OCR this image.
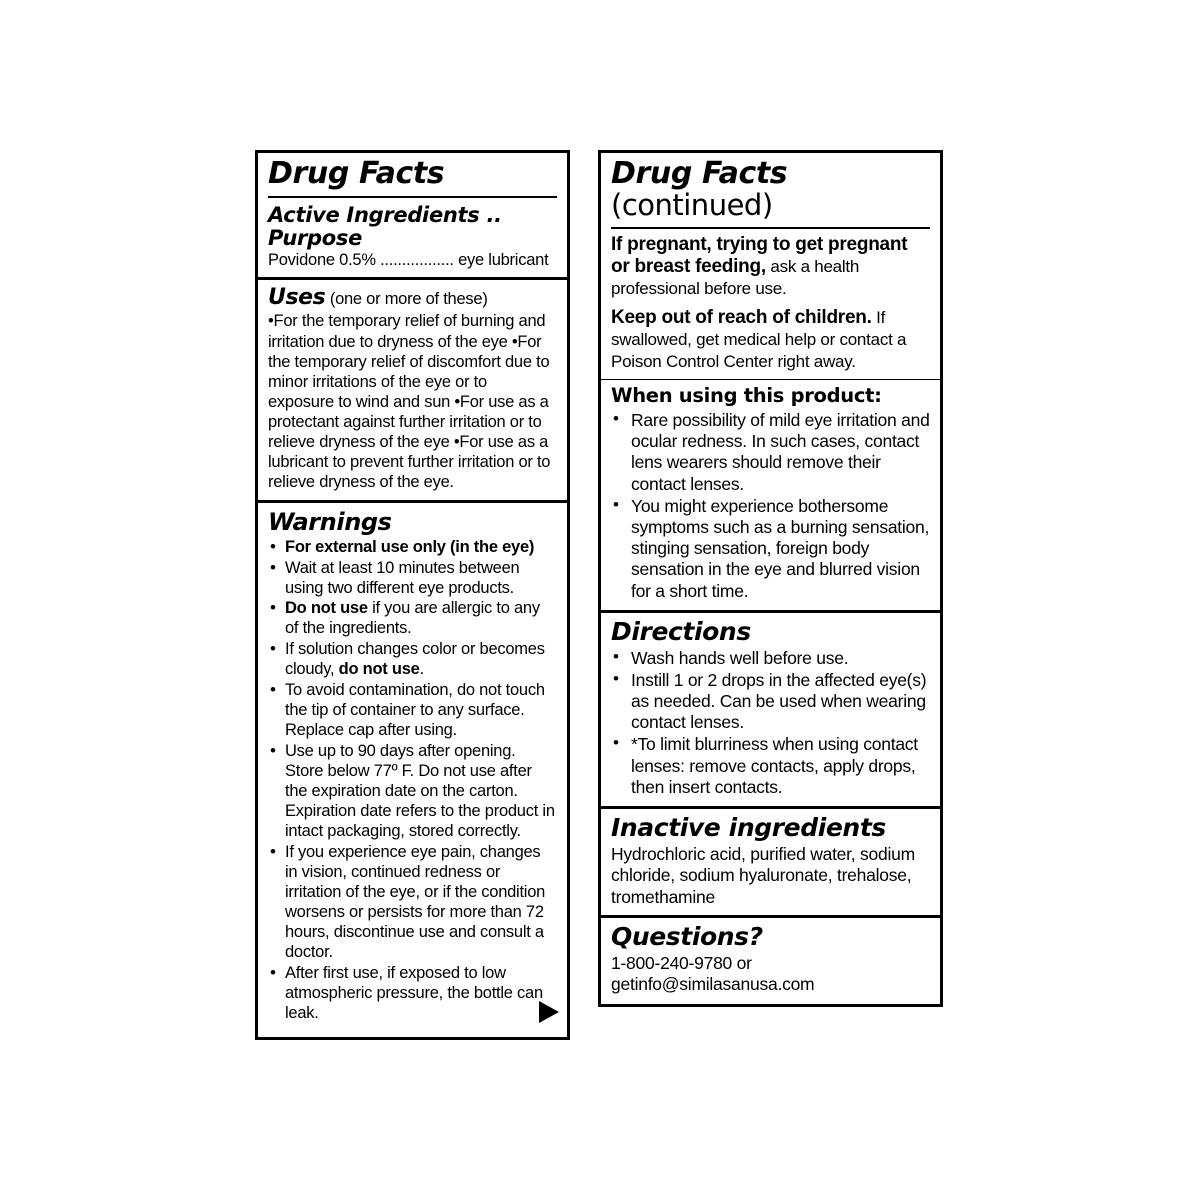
Drug Facts
Active Ingredients .. Purpose
Povidone 0.5% ................. eye lubricant
Uses (one or more of these)
•For the temporary relief of burning and irritation due to dryness of the eye •For the temporary relief of discomfort due to minor irritations of the eye or to exposure to wind and sun •For use as a protectant against further irritation or to relieve dryness of the eye •For use as a lubricant to prevent further irritation or to relieve dryness of the eye.
Warnings
• For external use only (in the eye)
• Wait at least 10 minutes between using two different eye products.
• Do not use if you are allergic to any of the ingredients.
• If solution changes color or becomes cloudy, do not use.
• To avoid contamination, do not touch the tip of container to any surface. Replace cap after using.
• Use up to 90 days after opening. Store below 77º F. Do not use after the expiration date on the carton. Expiration date refers to the product in intact packaging, stored correctly.
• If you experience eye pain, changes in vision, continued redness or irritation of the eye, or if the condition worsens or persists for more than 72 hours, discontinue use and consult a doctor.
• After first use, if exposed to low atmospheric pressure, the bottle can leak.
Drug Facts (continued)
If pregnant, trying to get pregnant or breast feeding, ask a health professional before use.
Keep out of reach of children. If swallowed, get medical help or contact a Poison Control Center right away.
When using this product:
• Rare possibility of mild eye irritation and ocular redness. In such cases, contact lens wearers should remove their contact lenses.
• You might experience bothersome symptoms such as a burning sensation, stinging sensation, foreign body sensation in the eye and blurred vision for a short time.
Directions
• Wash hands well before use.
• Instill 1 or 2 drops in the affected eye(s) as needed. Can be used when wearing contact lenses.
• *To limit blurriness when using contact lenses: remove contacts, apply drops, then insert contacts.
Inactive ingredients
Hydrochloric acid, purified water, sodium chloride, sodium hyaluronate, trehalose, tromethamine
Questions?
1-800-240-9780 or
getinfo@similasanusa.com
